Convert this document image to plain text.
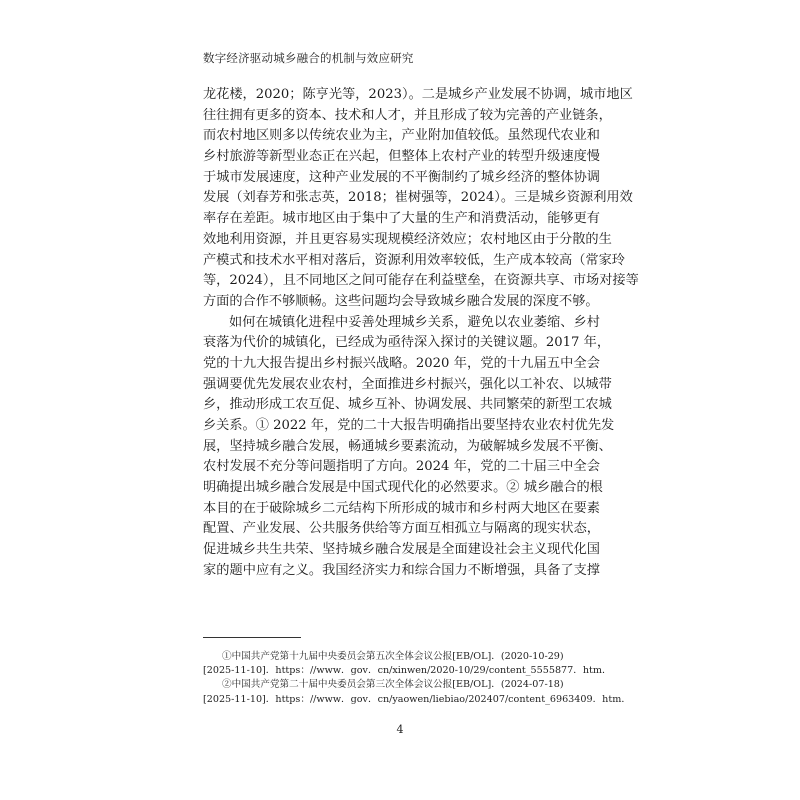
数字经济驱动城乡融合的机制与效应研究
龙花楼，2020；陈亨光等，2023）。二是城乡产业发展不协调，城市地区
往往拥有更多的资本、技术和人才，并且形成了较为完善的产业链条，
而农村地区则多以传统农业为主，产业附加值较低。虽然现代农业和
乡村旅游等新型业态正在兴起，但整体上农村产业的转型升级速度慢
于城市发展速度，这种产业发展的不平衡制约了城乡经济的整体协调
发展（刘春芳和张志英，2018；崔树强等，2024）。三是城乡资源利用效
率存在差距。城市地区由于集中了大量的生产和消费活动，能够更有
效地利用资源，并且更容易实现规模经济效应；农村地区由于分散的生
产模式和技术水平相对落后，资源利用效率较低，生产成本较高（常家玲
等，2024），且不同地区之间可能存在利益壁垒，在资源共享、市场对接等
方面的合作不够顺畅。这些问题均会导致城乡融合发展的深度不够。
如何在城镇化进程中妥善处理城乡关系，避免以农业萎缩、乡村
衰落为代价的城镇化，已经成为亟待深入探讨的关键议题。2017 年，
党的十九大报告提出乡村振兴战略。2020 年，党的十九届五中全会
强调要优先发展农业农村，全面推进乡村振兴，强化以工补农、以城带
乡，推动形成工农互促、城乡互补、协调发展、共同繁荣的新型工农城
乡关系。① 2022 年，党的二十大报告明确指出要坚持农业农村优先发
展，坚持城乡融合发展，畅通城乡要素流动，为破解城乡发展不平衡、
农村发展不充分等问题指明了方向。2024 年，党的二十届三中全会
明确提出城乡融合发展是中国式现代化的必然要求。② 城乡融合的根
本目的在于破除城乡二元结构下所形成的城市和乡村两大地区在要素
配置、产业发展、公共服务供给等方面互相孤立与隔离的现实状态，
促进城乡共生共荣、坚持城乡融合发展是全面建设社会主义现代化国
家的题中应有之义。我国经济实力和综合国力不断增强，具备了支撑
①中国共产党第十九届中央委员会第五次全体会议公报[EB/OL]．(2020-10-29)
[2025-11-10]．https：//www．gov．cn/xinwen/2020-10/29/content_5555877．htm．
②中国共产党第二十届中央委员会第三次全体会议公报[EB/OL]．(2024-07-18)
[2025-11-10]．https：//www．gov．cn/yaowen/liebiao/202407/content_6963409．htm．
4
